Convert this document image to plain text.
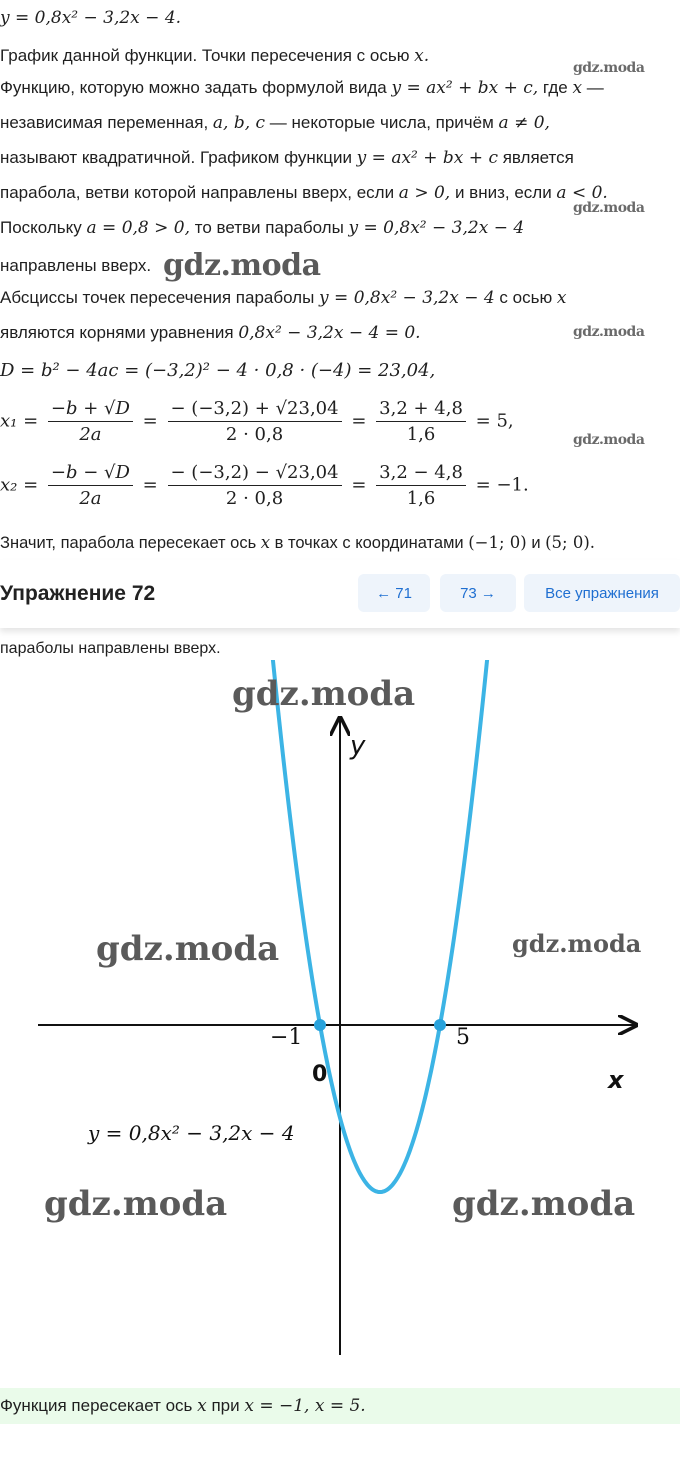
y = 0,8x² − 3,2x − 4.
График данной функции. Точки пересечения с осью x.
gdz.moda
Функцию, которую можно задать формулой вида y = ax² + bx + c, где x —
независимая переменная, a, b, c — некоторые числа, причём a ≠ 0,
называют квадратичной. Графиком функции y = ax² + bx + c является
парабола, ветви которой направлены вверх, если a > 0, и вниз, если a < 0.
gdz.moda
Поскольку a = 0,8 > 0, то ветви параболы y = 0,8x² − 3,2x − 4
направлены вверх. gdz.moda
Абсциссы точек пересечения параболы y = 0,8x² − 3,2x − 4 с осью x
являются корнями уравнения 0,8x² − 3,2x − 4 = 0.	gdz.moda
D = b² − 4ac = (−3,2)² − 4 · 0,8 · (−4) = 23,04,
$x_1 = \frac{-b + √D}{2a} = \frac{- (-3,2) + √23,04}{2 \cdot 0,8} = \frac{3,2 + 4,8}{1,6} = 5$,
gdz.moda
$x_2 = \frac{-b - √D}{2a} = \frac{- (-3,2) - √23,04}{2 \cdot 0,8} = \frac{3,2 - 4,8}{1,6} = -1$.
Значит, парабола пересекает ось x в точках с координатами (−1; 0) и (5; 0).
Упражнение 72	← 71	73 →	Все упражнения
параболы направлены вверх.
y
x
0
−1	5
y = 0,8x² − 3,2x − 4
gdz.moda
gdz.moda	gdz.moda
gdz.moda	gdz.moda
Функция пересекает ось x при x = −1, x = 5.
